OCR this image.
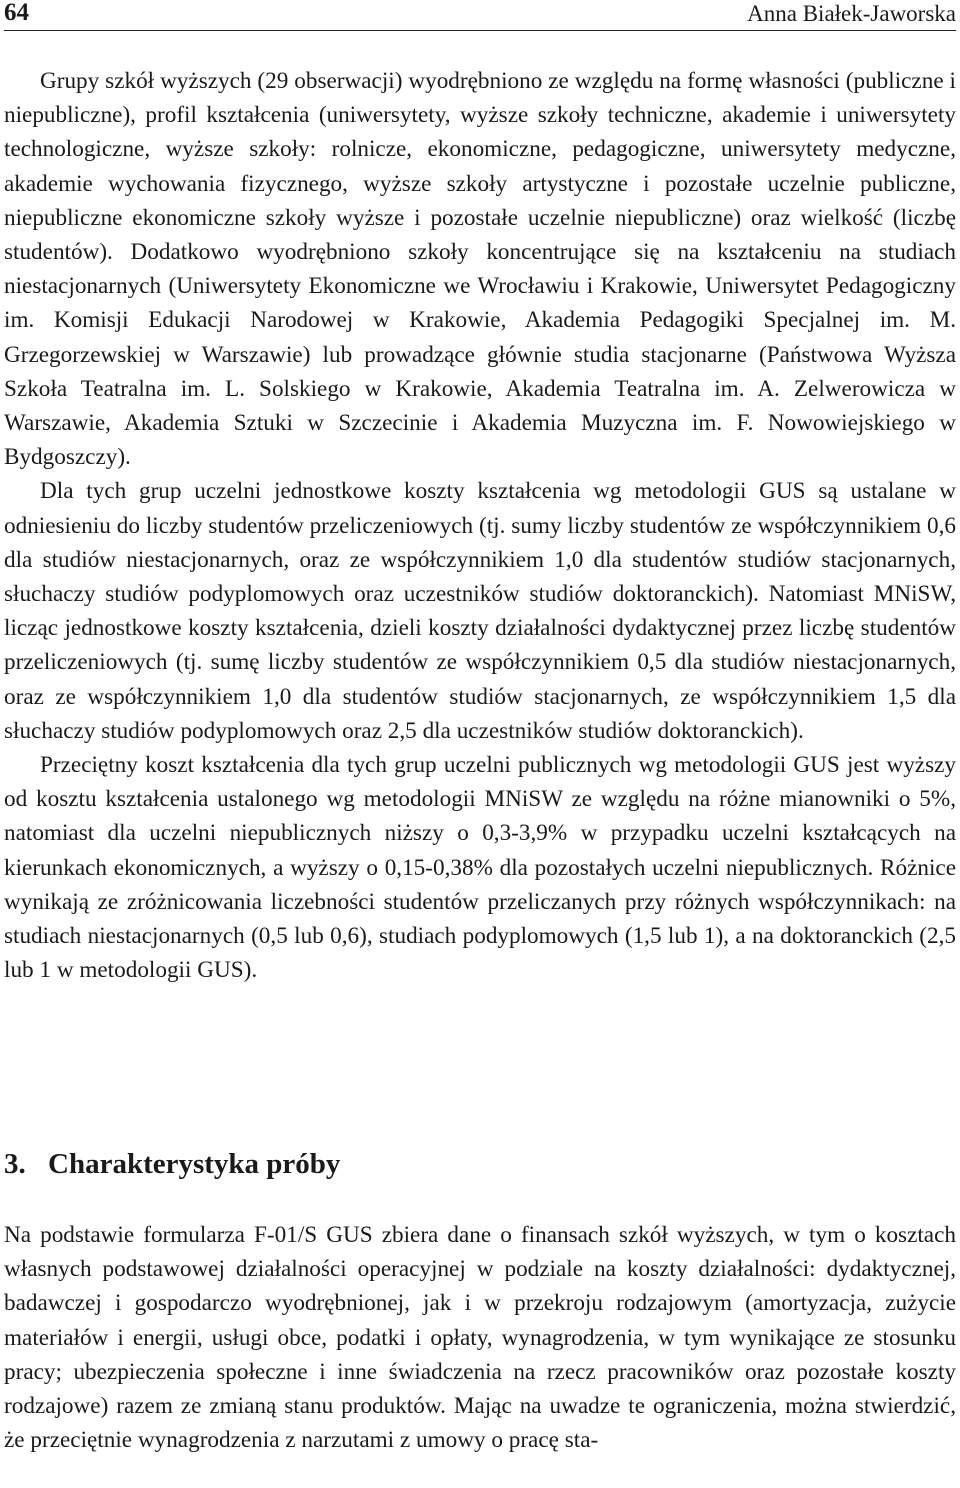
64	Anna Białek-Jaworska

Grupy szkół wyższych (29 obserwacji) wyodrębniono ze względu na formę własności (publiczne i niepubliczne), profil kształcenia (uniwersytety, wyższe szkoły techniczne, akademie i uniwersytety technologiczne, wyższe szkoły: rolnicze, ekonomiczne, pedagogiczne, uniwersytety medyczne, akademie wychowania fizycznego, wyższe szkoły artystyczne i pozostałe uczelnie publiczne, niepubliczne ekonomiczne szkoły wyższe i pozostałe uczelnie niepubliczne) oraz wielkość (liczbę studentów). Dodatkowo wyodrębniono szkoły koncentrujące się na kształceniu na studiach niestacjonarnych (Uniwersytety Ekonomiczne we Wrocławiu i Krakowie, Uniwersytet Pedagogiczny im. Komisji Edukacji Narodowej w Krakowie, Akademia Pedagogiki Specjalnej im. M. Grzegorzewskiej w Warszawie) lub prowadzące głównie studia stacjonarne (Państwowa Wyższa Szkoła Teatralna im. L. Solskiego w Krakowie, Akademia Teatralna im. A. Zelwerowicza w Warszawie, Akademia Sztuki w Szczecinie i Akademia Muzyczna im. F. Nowowiejskiego w Bydgoszczy).

Dla tych grup uczelni jednostkowe koszty kształcenia wg metodologii GUS są ustalane w odniesieniu do liczby studentów przeliczeniowych (tj. sumy liczby studentów ze współczynnikiem 0,6 dla studiów niestacjonarnych, oraz ze współczynnikiem 1,0 dla studentów studiów stacjonarnych, słuchaczy studiów podyplomowych oraz uczestników studiów doktoranckich). Natomiast MNiSW, licząc jednostkowe koszty kształcenia, dzieli koszty działalności dydaktycznej przez liczbę studentów przeliczeniowych (tj. sumę liczby studentów ze współczynnikiem 0,5 dla studiów niestacjonarnych, oraz ze współczynnikiem 1,0 dla studentów studiów stacjonarnych, ze współczynnikiem 1,5 dla słuchaczy studiów podyplomowych oraz 2,5 dla uczestników studiów doktoranckich).

Przeciętny koszt kształcenia dla tych grup uczelni publicznych wg metodologii GUS jest wyższy od kosztu kształcenia ustalonego wg metodologii MNiSW ze względu na różne mianowniki o 5%, natomiast dla uczelni niepublicznych niższy o 0,3-3,9% w przypadku uczelni kształcących na kierunkach ekonomicznych, a wyższy o 0,15-0,38% dla pozostałych uczelni niepublicznych. Różnice wynikają ze zróżnicowania liczebności studentów przeliczanych przy różnych współczynnikach: na studiach niestacjonarnych (0,5 lub 0,6), studiach podyplomowych (1,5 lub 1), a na doktoranckich (2,5 lub 1 w metodologii GUS).

3. Charakterystyka próby

Na podstawie formularza F-01/S GUS zbiera dane o finansach szkół wyższych, w tym o kosztach własnych podstawowej działalności operacyjnej w podziale na koszty działalności: dydaktycznej, badawczej i gospodarczo wyodrębnionej, jak i w przekroju rodzajowym (amortyzacja, zużycie materiałów i energii, usługi obce, podatki i opłaty, wynagrodzenia, w tym wynikające ze stosunku pracy; ubezpieczenia społeczne i inne świadczenia na rzecz pracowników oraz pozostałe koszty rodzajowe) razem ze zmianą stanu produktów. Mając na uwadze te ograniczenia, można stwierdzić, że przeciętnie wynagrodzenia z narzutami z umowy o pracę sta-
